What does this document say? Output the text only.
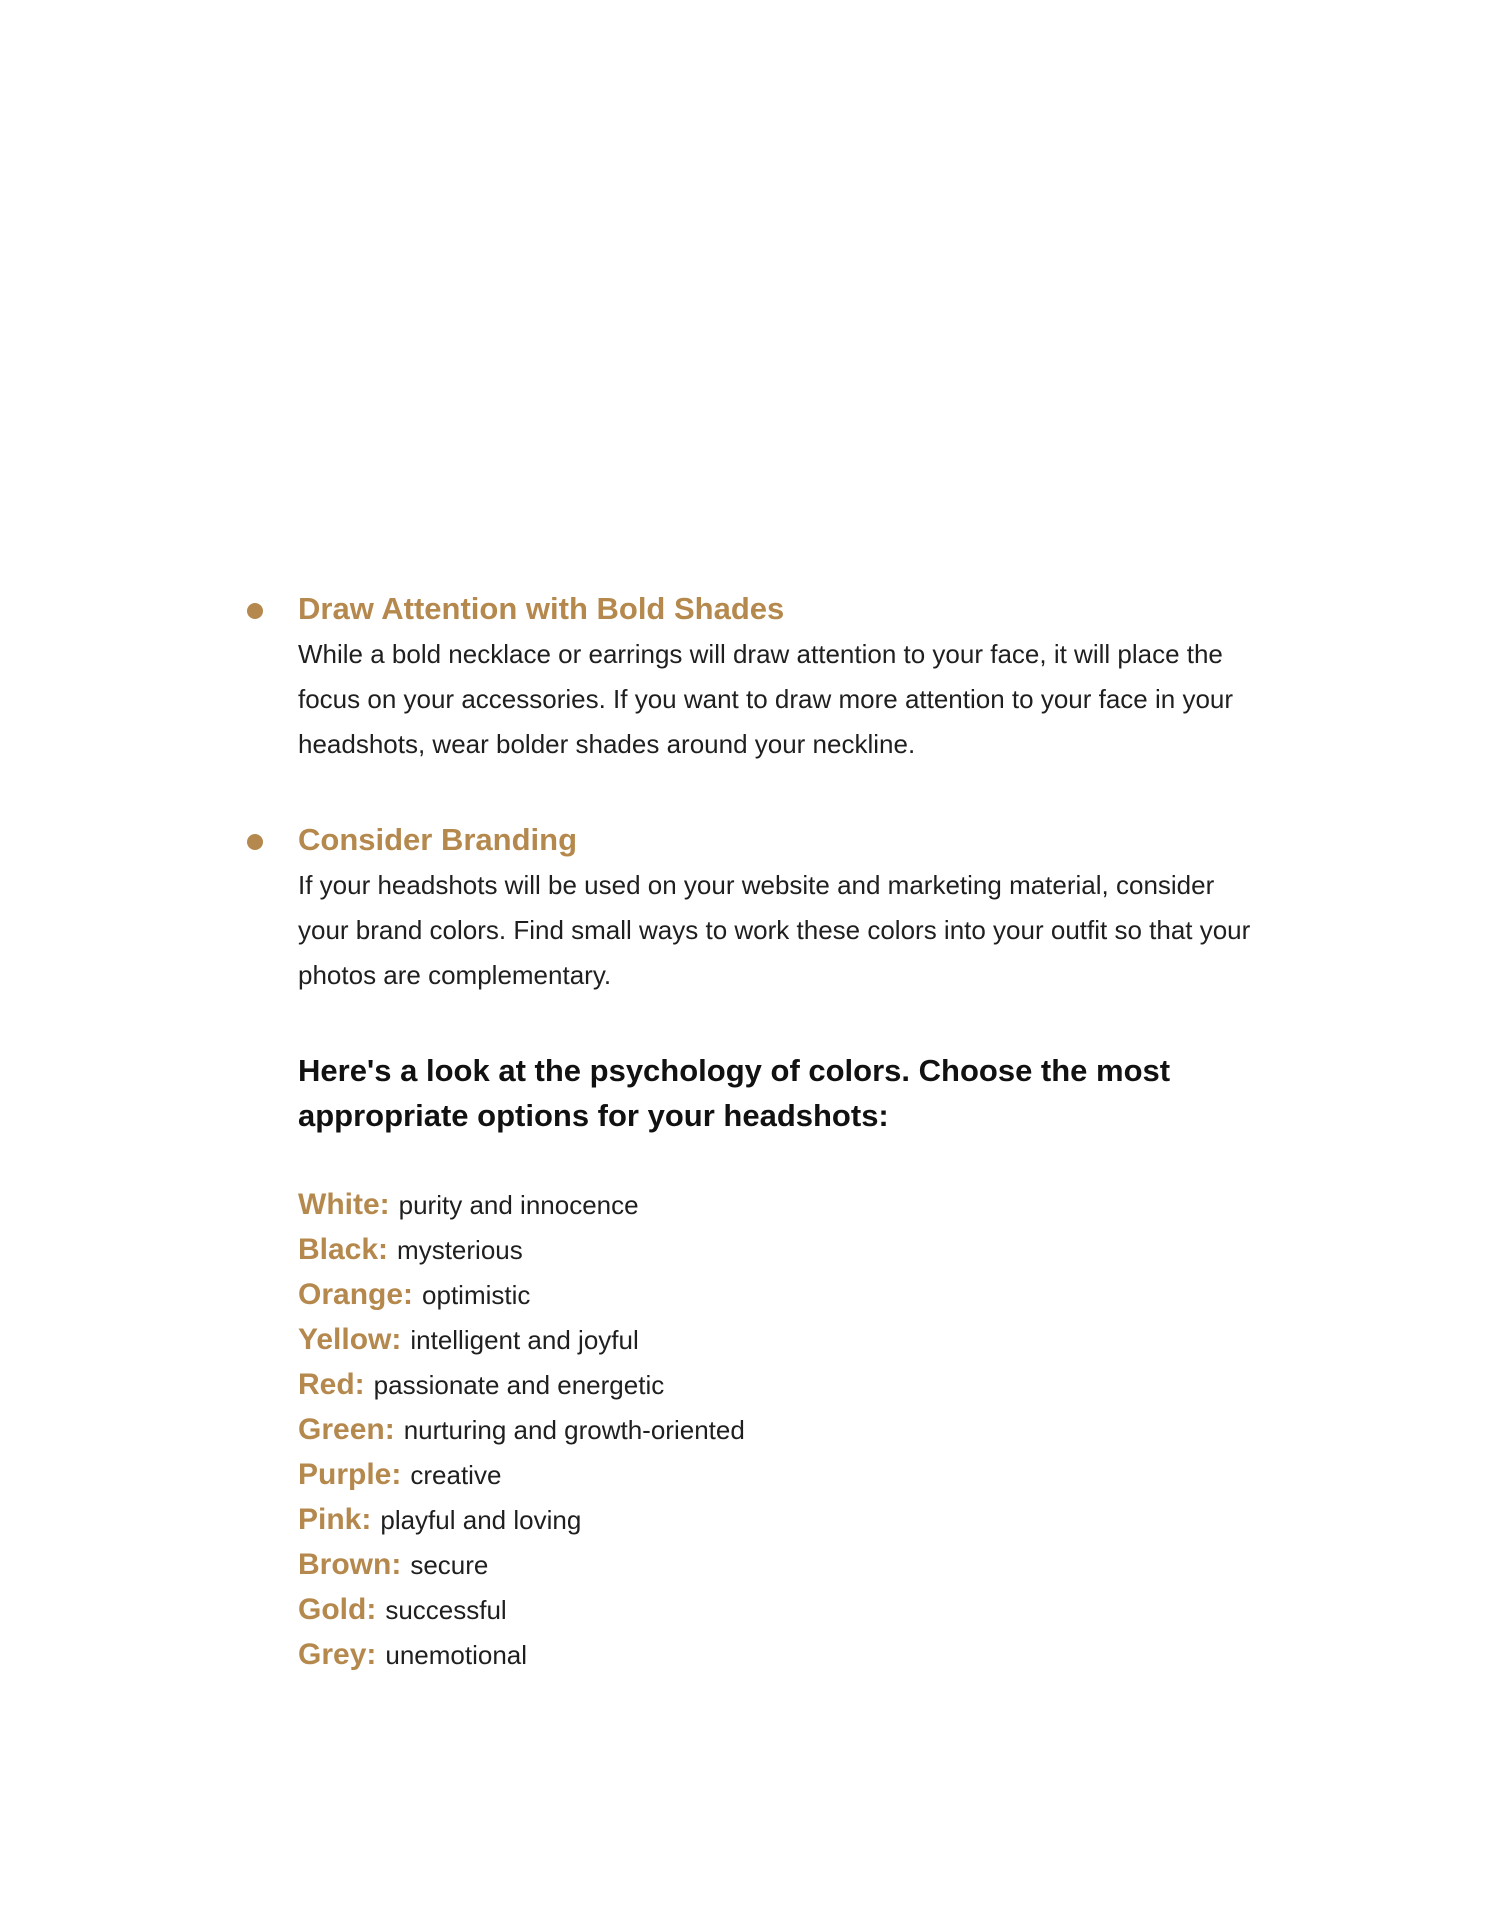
Draw Attention with Bold Shades

While a bold necklace or earrings will draw attention to your face, it will place the focus on your accessories. If you want to draw more attention to your face in your headshots, wear bolder shades around your neckline.

Consider Branding

If your headshots will be used on your website and marketing material, consider your brand colors. Find small ways to work these colors into your outfit so that your photos are complementary.

Here's a look at the psychology of colors. Choose the most appropriate options for your headshots:

White: purity and innocence
Black: mysterious
Orange: optimistic
Yellow: intelligent and joyful
Red: passionate and energetic
Green: nurturing and growth-oriented
Purple: creative
Pink: playful and loving
Brown: secure
Gold: successful
Grey: unemotional
